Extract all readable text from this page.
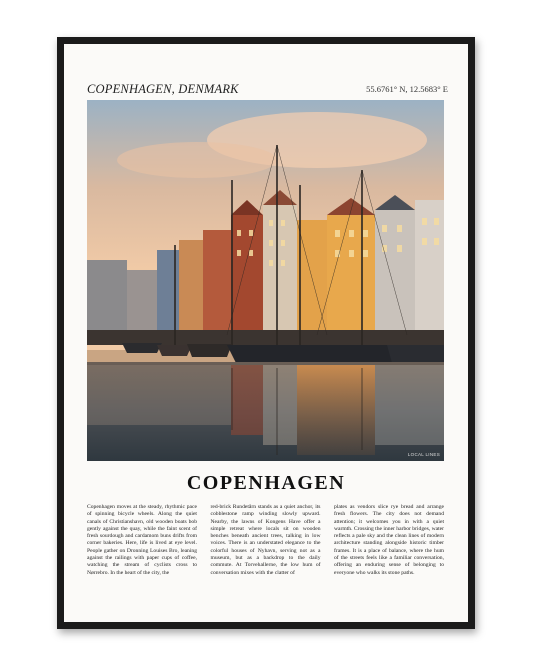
COPENHAGEN, DENMARK	55.6761° N, 12.5683° E
LOCAL LINES
COPENHAGEN
Copenhagen moves at the steady, rhythmic pace of spinning bicycle wheels. Along the quiet canals of Christianshavn, old wooden boats bob gently against the quay, while the faint scent of fresh sourdough and cardamom buns drifts from corner bakeries. Here, life is lived at eye level. People gather on Dronning Louises Bro, leaning against the railings with paper cups of coffee, watching the stream of cyclists cross to Nørrebro. In the heart of the city, the
red-brick Rundetårn stands as a quiet anchor, its cobblestone ramp winding slowly upward. Nearby, the lawns of Kongens Have offer a simple retreat where locals sit on wooden benches beneath ancient trees, talking in low voices. There is an understated elegance to the colorful houses of Nyhavn, serving not as a museum, but as a backdrop to the daily commute. At Torvehallerne, the low hum of conversation mixes with the clatter of
plates as vendors slice rye bread and arrange fresh flowers. The city does not demand attention; it welcomes you in with a quiet warmth. Crossing the inner harbor bridges, water reflects a pale sky and the clean lines of modern architecture standing alongside historic timber frames. It is a place of balance, where the hum of the streets feels like a familiar conversation, offering an enduring sense of belonging to everyone who walks its stone paths.
